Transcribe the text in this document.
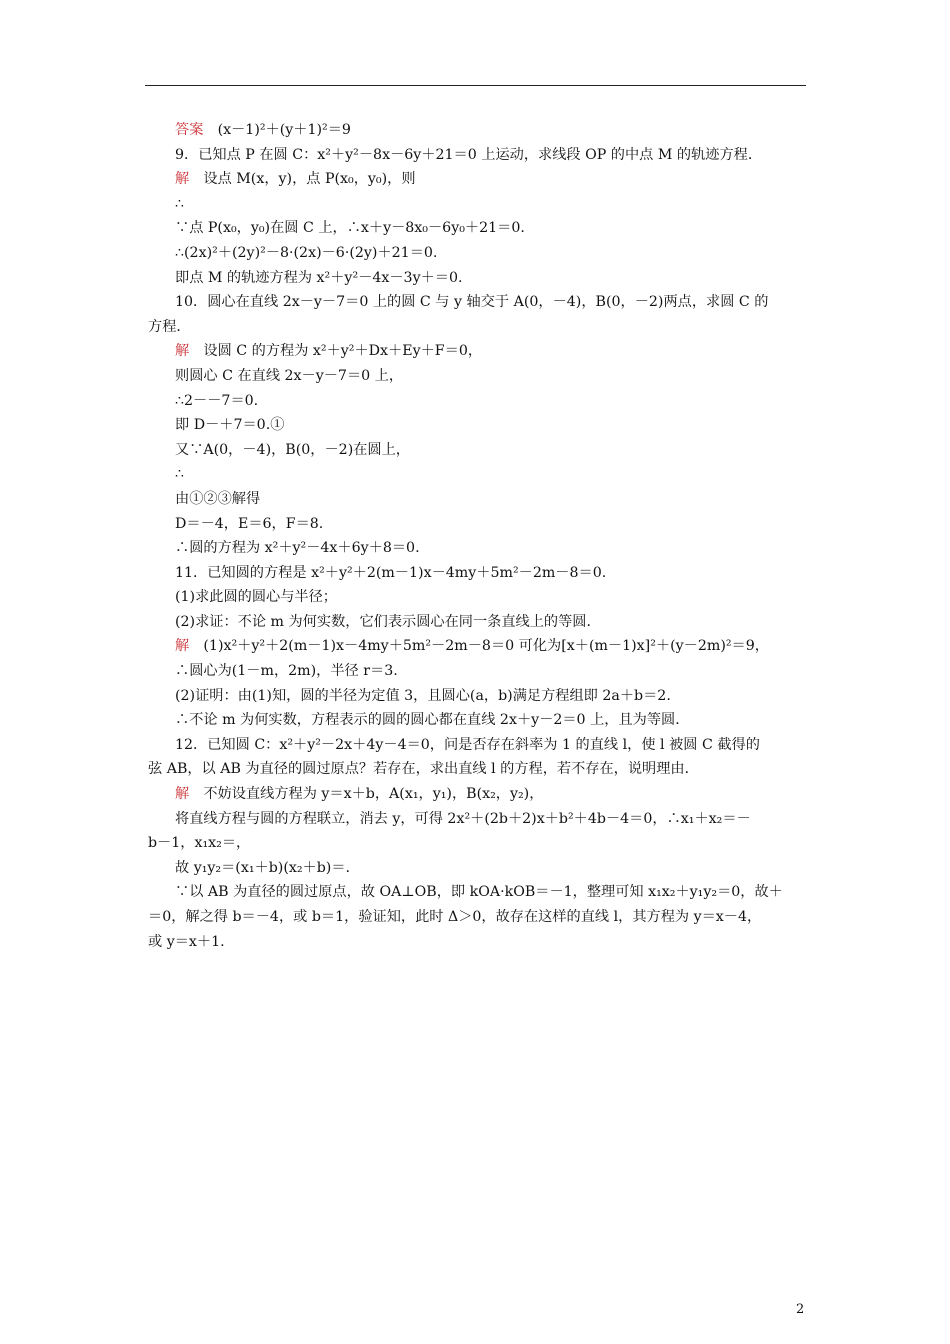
答案　(x－1)²＋(y＋1)²＝9
9．已知点 P 在圆 C：x²＋y²－8x－6y＋21＝0 上运动，求线段 OP 的中点 M 的轨迹方程．
解　设点 M(x，y)，点 P(x₀，y₀)，则
∴
∵点 P(x₀，y₀)在圆 C 上，∴x＋y－8x₀－6y₀＋21＝0.
∴(2x)²＋(2y)²－8·(2x)－6·(2y)＋21＝0.
即点 M 的轨迹方程为 x²＋y²－4x－3y＋＝0.
10．圆心在直线 2x－y－7＝0 上的圆 C 与 y 轴交于 A(0，－4)，B(0，－2)两点，求圆 C 的
方程．
解　设圆 C 的方程为 x²＋y²＋Dx＋Ey＋F＝0，
则圆心 C 在直线 2x－y－7＝0 上，
∴2－－7＝0.
即 D－＋7＝0.①
又∵A(0，－4)，B(0，－2)在圆上，
∴
由①②③解得
D＝－4，E＝6，F＝8.
∴圆的方程为 x²＋y²－4x＋6y＋8＝0.
11．已知圆的方程是 x²＋y²＋2(m－1)x－4my＋5m²－2m－8＝0.
(1)求此圆的圆心与半径；
(2)求证：不论 m 为何实数，它们表示圆心在同一条直线上的等圆．
解　(1)x²＋y²＋2(m－1)x－4my＋5m²－2m－8＝0 可化为[x＋(m－1)x]²＋(y－2m)²＝9，
∴圆心为(1－m，2m)，半径 r＝3.
(2)证明：由(1)知，圆的半径为定值 3，且圆心(a，b)满足方程组即 2a＋b＝2.
∴不论 m 为何实数，方程表示的圆的圆心都在直线 2x＋y－2＝0 上，且为等圆．
12．已知圆 C：x²＋y²－2x＋4y－4＝0，问是否存在斜率为 1 的直线 l，使 l 被圆 C 截得的
弦 AB，以 AB 为直径的圆过原点？若存在，求出直线 l 的方程，若不存在，说明理由．
解　不妨设直线方程为 y＝x＋b，A(x₁，y₁)，B(x₂，y₂)，
将直线方程与圆的方程联立，消去 y，可得 2x²＋(2b＋2)x＋b²＋4b－4＝0，∴x₁＋x₂＝－
b－1，x₁x₂＝，
故 y₁y₂＝(x₁＋b)(x₂＋b)＝.
∵以 AB 为直径的圆过原点，故 OA⊥OB，即 kOA·kOB＝－1，整理可知 x₁x₂＋y₁y₂＝0，故＋
＝0，解之得 b＝－4，或 b＝1，验证知，此时 Δ＞0，故存在这样的直线 l，其方程为 y＝x－4，
或 y＝x＋1.
2
